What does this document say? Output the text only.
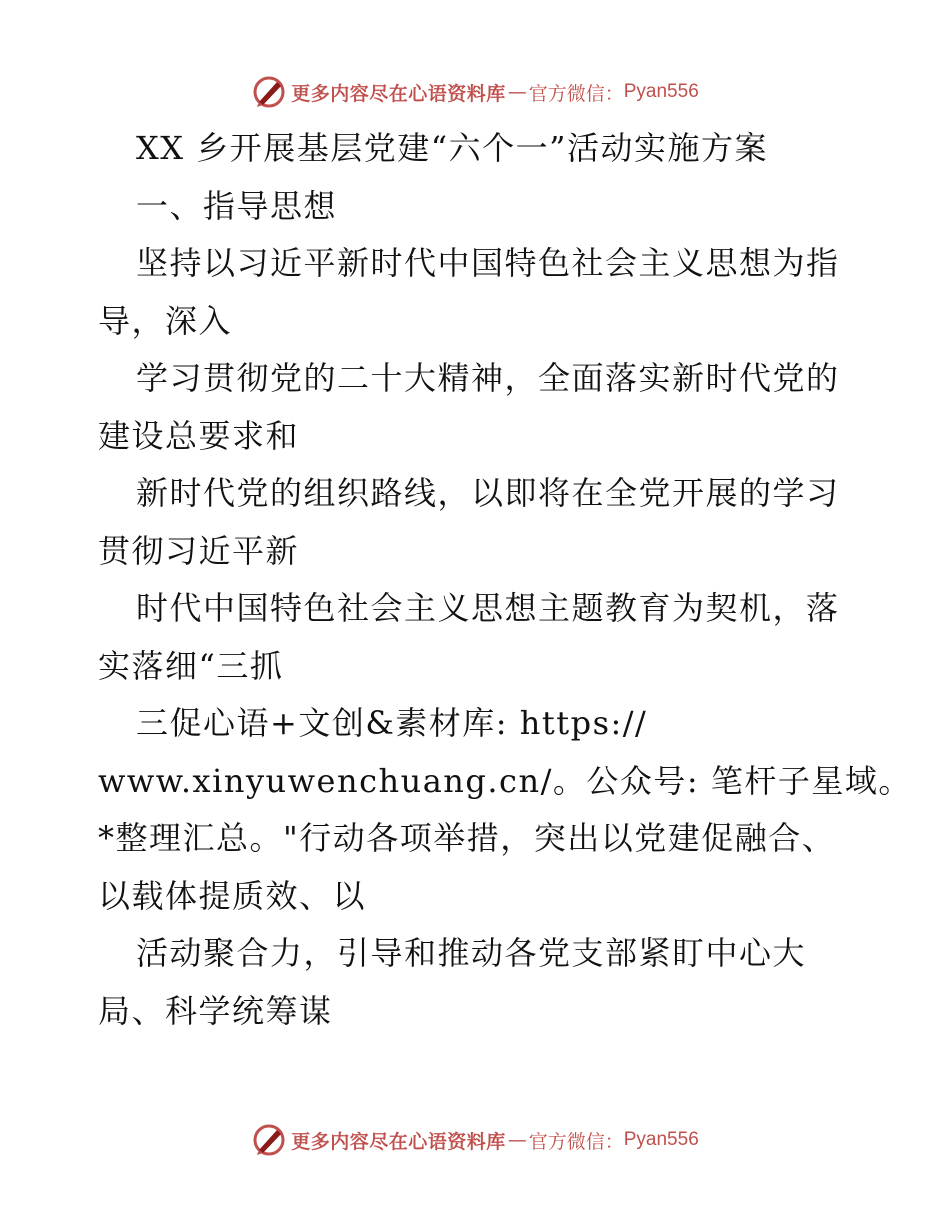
更多内容尽在心语资料库 — 官方微信： Pyan556
XX 乡开展基层党建“六个一”活动实施方案
一、指导思想
坚持以习近平新时代中国特色社会主义思想为指
导，深入
学习贯彻党的二十大精神，全面落实新时代党的
建设总要求和
新时代党的组织路线，以即将在全党开展的学习
贯彻习近平新
时代中国特色社会主义思想主题教育为契机，落
实落细“三抓
三促心语+文创&素材库: https://
www.xinyuwenchuang.cn/。公众号: 笔杆子星域。
*整理汇总。"行动各项举措，突出以党建促融合、
以载体提质效、以
活动聚合力，引导和推动各党支部紧盯中心大
局、科学统筹谋
更多内容尽在心语资料库 — 官方微信： Pyan556
